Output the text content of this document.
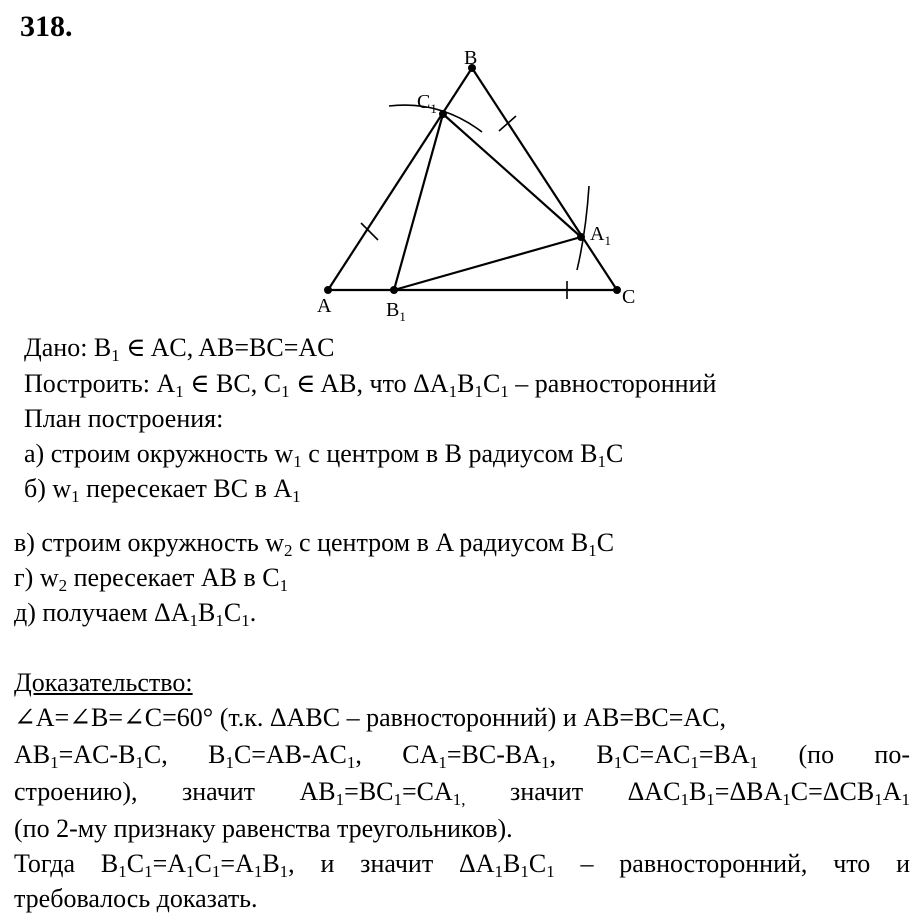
318.
A
B
C
$B_1$
$C_1$
$A_1$
Дано: $B_1$ ∈ AC, AB=BC=AC
Построить: $A_1$ ∈ BC, $C_1$ ∈ AB, что $\Delta A_1B_1C_1$ – равносторонний
План построения:
а) строим окружность $w_1$ с центром в B радиусом $B_1C$
б) $w_1$ пересекает BC в $A_1$
в) строим окружность $w_2$ с центром в A радиусом $B_1C$
г) $w_2$ пересекает AB в $C_1$
д) получаем $\Delta A_1B_1C_1$.
Доказательство:
∠A=∠B=∠C=60° (т.к. ΔABC – равносторонний) и AB=BC=AC,
$AB_1=AC-B_1C$, $B_1C=AB-AC_1$, $CA_1=BC-BA_1$, $B_1C=AC_1=BA_1$ (по по-
строению), значит $AB_1=BC_1=CA_{1,}$ значит $\Delta AC_1B_1=\Delta BA_1C=\Delta CB_1A_1$
(по 2-му признаку равенства треугольников).
Тогда $B_1C_1=A_1C_1=A_1B_1$, и значит $\Delta A_1B_1C_1$ – равносторонний, что и
требовалось доказать.
